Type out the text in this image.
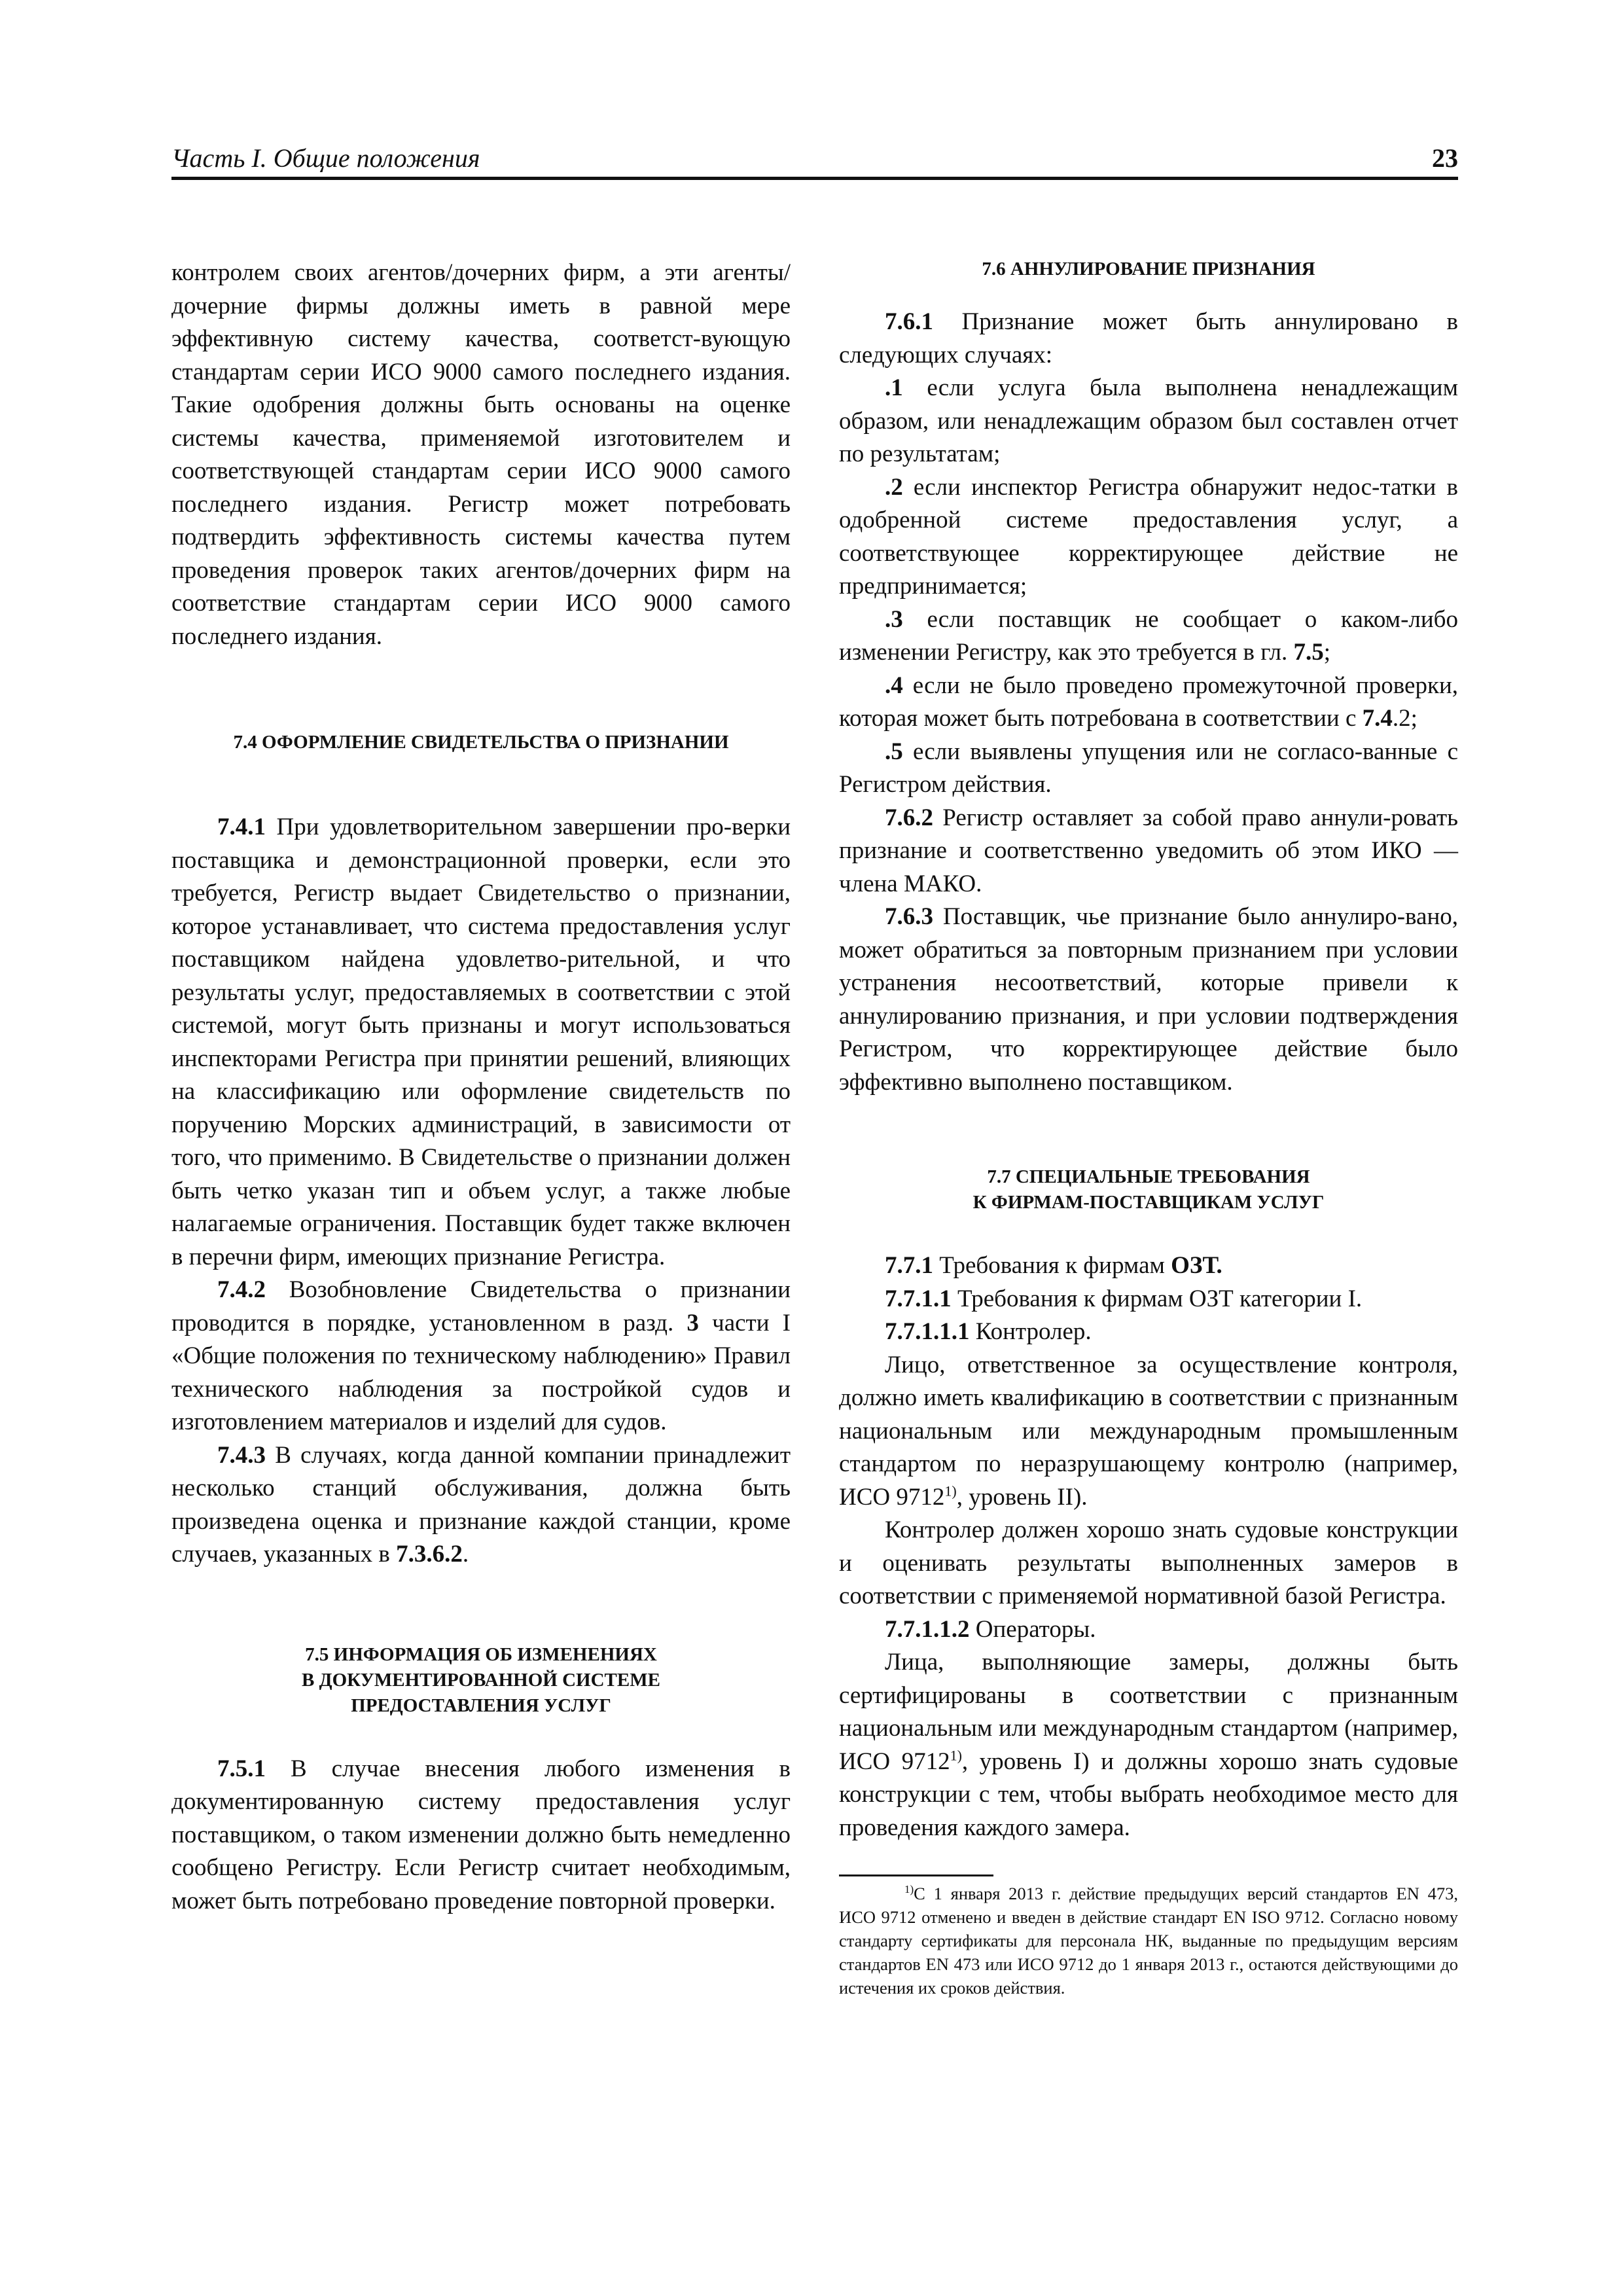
Часть I. Общие положения	23

контролем своих агентов/дочерних фирм, а эти агенты/ дочерние фирмы должны иметь в равной мере эффективную систему качества, соответст-вующую стандартам серии ИСО 9000 самого последнего издания. Такие одобрения должны быть основаны на оценке системы качества, применяемой изготовителем и соответствующей стандартам серии ИСО 9000 самого последнего издания. Регистр может потребовать подтвердить эффективность системы качества путем проведения проверок таких агентов/дочерних фирм на соответствие стандартам серии ИСО 9000 самого последнего издания.

7.4 ОФОРМЛЕНИЕ СВИДЕТЕЛЬСТВА О ПРИЗНАНИИ

7.4.1 При удовлетворительном завершении про-верки поставщика и демонстрационной проверки, если это требуется, Регистр выдает Свидетельство о признании, которое устанавливает, что система предоставления услуг поставщиком найдена удовлетво-рительной, и что результаты услуг, предоставляемых в соответствии с этой системой, могут быть признаны и могут использоваться инспекторами Регистра при принятии решений, влияющих на классификацию или оформление свидетельств по поручению Морских администраций, в зависимости от того, что применимо. В Свидетельстве о признании должен быть четко указан тип и объем услуг, а также любые налагаемые ограничения. Поставщик будет также включен в перечни фирм, имеющих признание Регистра.

7.4.2 Возобновление Свидетельства о признании проводится в порядке, установленном в разд. 3 части I «Общие положения по техническому наблюдению» Правил технического наблюдения за постройкой судов и изготовлением материалов и изделий для судов.

7.4.3 В случаях, когда данной компании принадлежит несколько станций обслуживания, должна быть произведена оценка и признание каждой станции, кроме случаев, указанных в 7.3.6.2.

7.5 ИНФОРМАЦИЯ ОБ ИЗМЕНЕНИЯХ
В ДОКУМЕНТИРОВАННОЙ СИСТЕМЕ
ПРЕДОСТАВЛЕНИЯ УСЛУГ

7.5.1 В случае внесения любого изменения в документированную систему предоставления услуг поставщиком, о таком изменении должно быть немедленно сообщено Регистру. Если Регистр считает необходимым, может быть потребовано проведение повторной проверки.

7.6 АННУЛИРОВАНИЕ ПРИЗНАНИЯ

7.6.1 Признание может быть аннулировано в следующих случаях:

.1 если услуга была выполнена ненадлежащим образом, или ненадлежащим образом был составлен отчет по результатам;

.2 если инспектор Регистра обнаружит недос-татки в одобренной системе предоставления услуг, а соответствующее корректирующее действие не предпринимается;

.3 если поставщик не сообщает о каком-либо изменении Регистру, как это требуется в гл. 7.5;

.4 если не было проведено промежуточной проверки, которая может быть потребована в соответствии с 7.4.2;

.5 если выявлены упущения или не согласо-ванные с Регистром действия.

7.6.2 Регистр оставляет за собой право аннули-ровать признание и соответственно уведомить об этом ИКО — члена МАКО.

7.6.3 Поставщик, чье признание было аннулиро-вано, может обратиться за повторным признанием при условии устранения несоответствий, которые привели к аннулированию признания, и при условии подтверждения Регистром, что корректирующее действие было эффективно выполнено поставщиком.

7.7 СПЕЦИАЛЬНЫЕ ТРЕБОВАНИЯ
К ФИРМАМ-ПОСТАВЩИКАМ УСЛУГ

7.7.1 Требования к фирмам ОЗТ.

7.7.1.1 Требования к фирмам ОЗТ категории I.

7.7.1.1.1 Контролер.

Лицо, ответственное за осуществление контроля, должно иметь квалификацию в соответствии с признанным национальным или международным промышленным стандартом по неразрушающему контролю (например, ИСО 9712$^{1)}$, уровень II).

Контролер должен хорошо знать судовые конструкции и оценивать результаты выполненных замеров в соответствии с применяемой нормативной базой Регистра.

7.7.1.1.2 Операторы.

Лица, выполняющие замеры, должны быть сертифицированы в соответствии с признанным национальным или международным стандартом (например, ИСО 9712$^{1)}$, уровень I) и должны хорошо знать судовые конструкции с тем, чтобы выбрать необходимое место для проведения каждого замера.

$^{1)}$С 1 января 2013 г. действие предыдущих версий стандартов EN 473, ИСО 9712 отменено и введен в действие стандарт EN ISO 9712. Согласно новому стандарту сертификаты для персонала НК, выданные по предыдущим версиям стандартов EN 473 или ИСО 9712 до 1 января 2013 г., остаются действующими до истечения их сроков действия.
